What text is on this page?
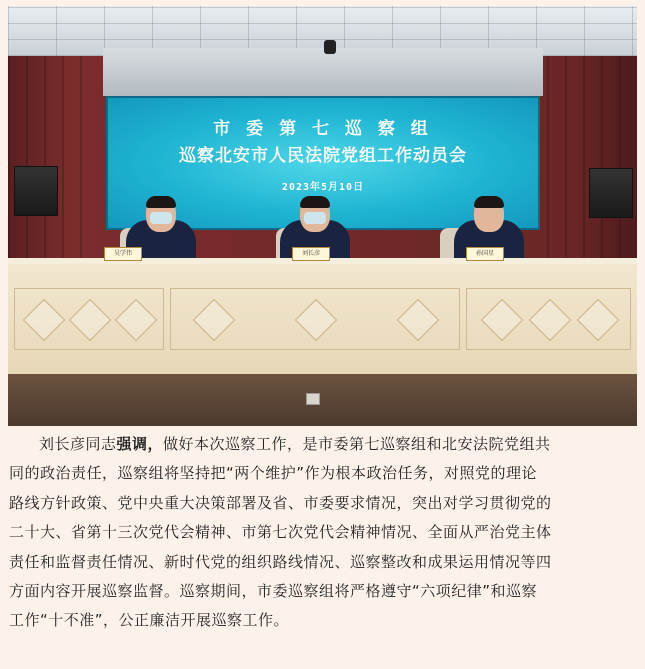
市 委 第 七 巡 察 组
巡察北安市人民法院党组工作动员会
2023年5月10日
吴学伟	刘长彦	孙国星
刘长彦同志强调，做好本次巡察工作，是市委第七巡察组和北安法院党组共
同的政治责任，巡察组将坚持把“两个维护”作为根本政治任务，对照党的理论
路线方针政策、党中央重大决策部署及省、市委要求情况，突出对学习贯彻党的
二十大、省第十三次党代会精神、市第七次党代会精神情况、全面从严治党主体
责任和监督责任情况、新时代党的组织路线情况、巡察整改和成果运用情况等四
方面内容开展巡察监督。巡察期间，市委巡察组将严格遵守“六项纪律”和巡察
工作“十不准”，公正廉洁开展巡察工作。
